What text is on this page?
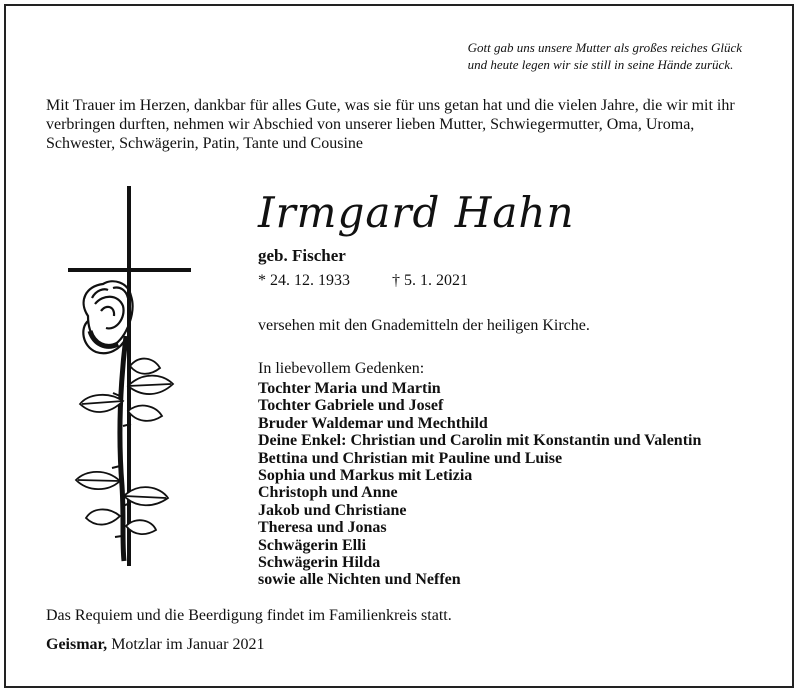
Gott gab uns unsere Mutter als großes reiches Glück
und heute legen wir sie still in seine Hände zurück.
Mit Trauer im Herzen, dankbar für alles Gute, was sie für uns getan hat und die vielen Jahre, die wir mit ihr verbringen durften, nehmen wir Abschied von unserer lieben Mutter, Schwiegermutter, Oma, Uroma, Schwester, Schwägerin, Patin, Tante und Cousine
Irmgard Hahn
geb. Fischer
* 24. 12. 1933	† 5. 1. 2021
versehen mit den Gnademitteln der heiligen Kirche.
In liebevollem Gedenken:
Tochter Maria und Martin
Tochter Gabriele und Josef
Bruder Waldemar und Mechthild
Deine Enkel: Christian und Carolin mit Konstantin und Valentin
Bettina und Christian mit Pauline und Luise
Sophia und Markus mit Letizia
Christoph und Anne
Jakob und Christiane
Theresa und Jonas
Schwägerin Elli
Schwägerin Hilda
sowie alle Nichten und Neffen
Das Requiem und die Beerdigung findet im Familienkreis statt.
Geismar, Motzlar im Januar 2021
